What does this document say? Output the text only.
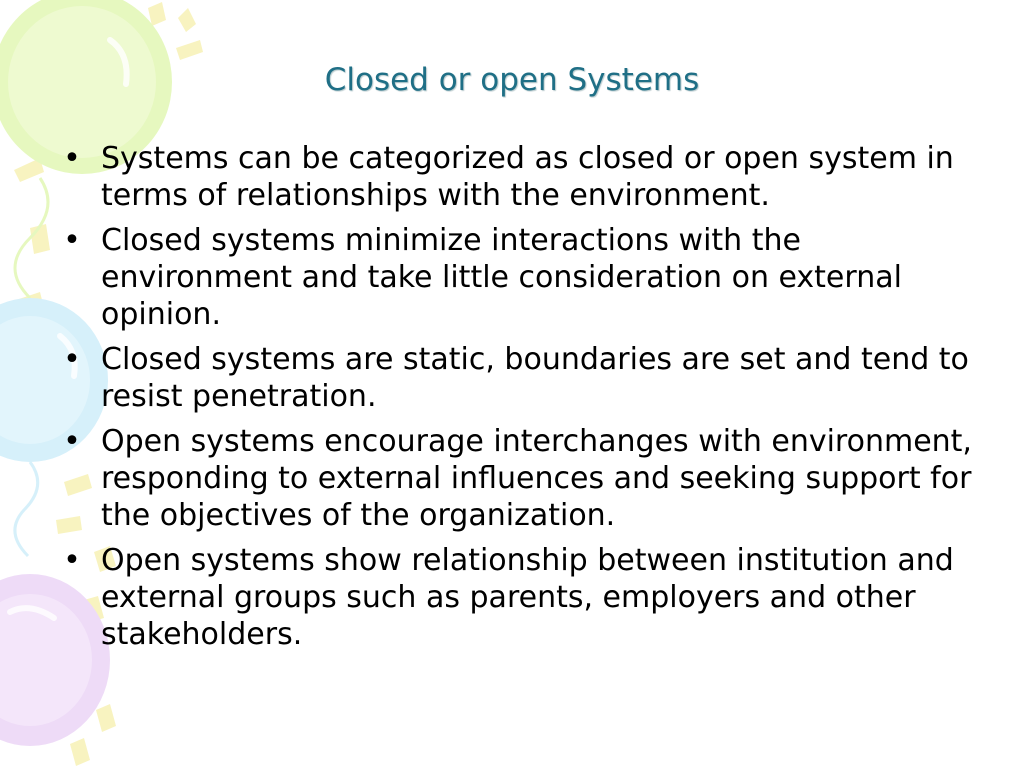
Closed or open Systems
• Systems can be categorized as closed or open system in terms of relationships with the environment.
• Closed systems minimize interactions with the environment and take little consideration on external opinion.
• Closed systems are static, boundaries are set and tend to resist penetration.
• Open systems encourage interchanges with environment, responding to external influences and seeking support for the objectives of the organization.
• Open systems show relationship between institution and external groups such as parents, employers and other stakeholders.
